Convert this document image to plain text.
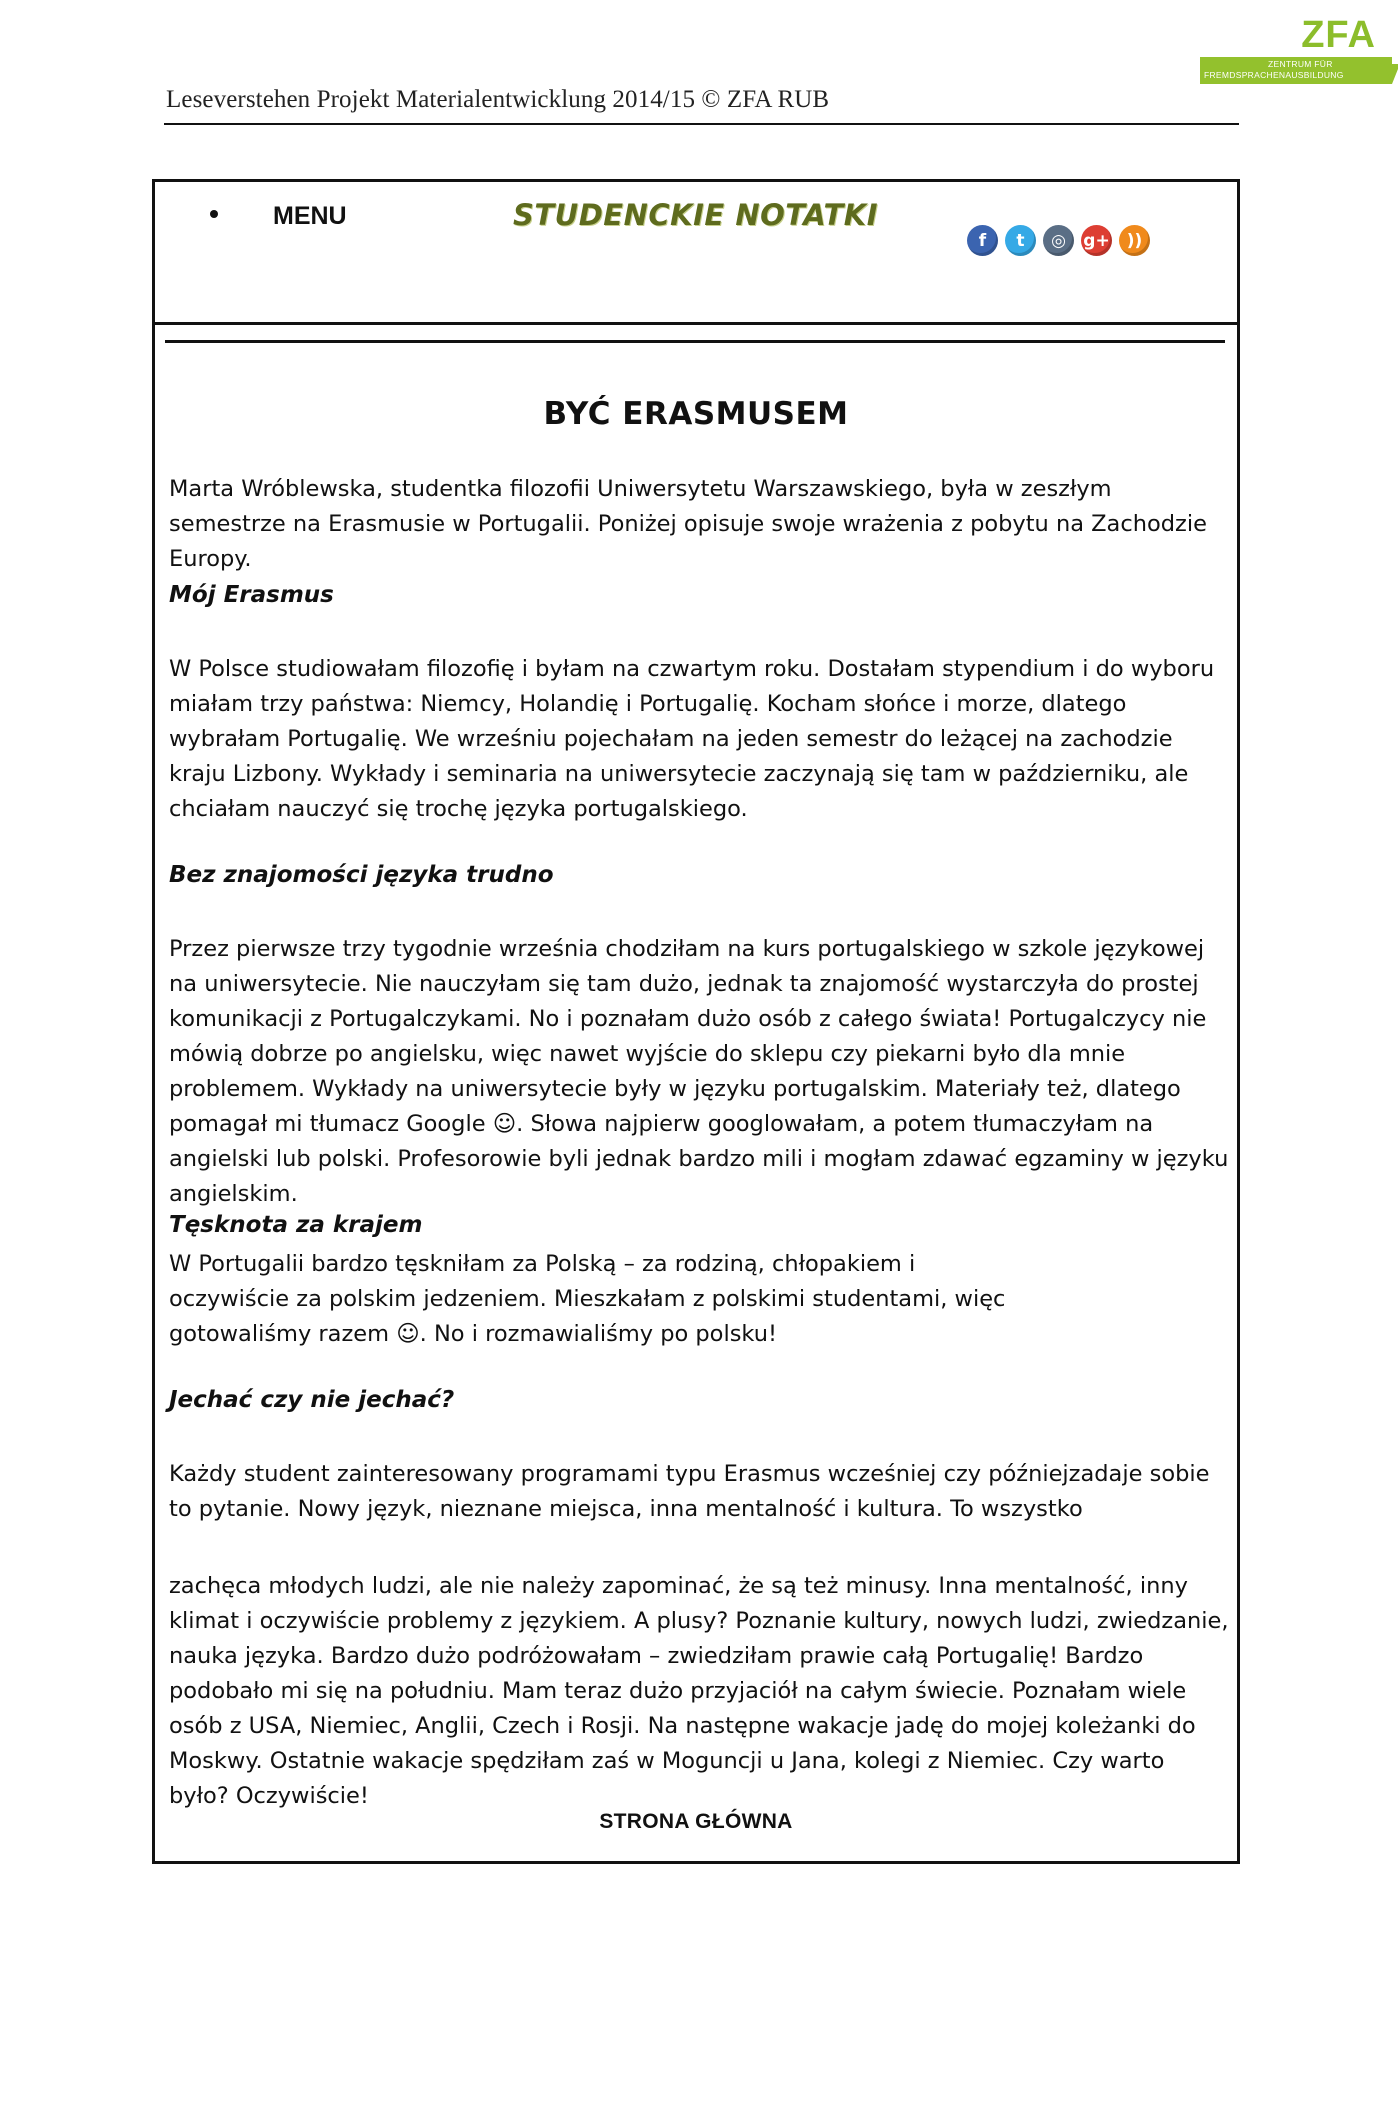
Leseverstehen Projekt Materialentwicklung 2014/15 © ZFA RUB
ZFA
ZENTRUM FÜR
FREMDSPRACHENAUSBILDUNG
MENU	STUDENCKIE NOTATKI
f	t	◎	g+	))
BYĆ ERASMUSEM

Marta Wróblewska, studentka filozofii Uniwersytetu Warszawskiego, była w zeszłym semestrze na Erasmusie w Portugalii. Poniżej opisuje swoje wrażenia z pobytu na Zachodzie Europy.

Mój Erasmus

W Polsce studiowałam filozofię i byłam na czwartym roku. Dostałam stypendium i do wyboru miałam trzy państwa: Niemcy, Holandię i Portugalię. Kocham słońce i morze, dlatego wybrałam Portugalię. We wrześniu pojechałam na jeden semestr do leżącej na zachodzie kraju Lizbony. Wykłady i seminaria na uniwersytecie zaczynają się tam w październiku, ale chciałam nauczyć się trochę języka portugalskiego.

Bez znajomości języka trudno

Przez pierwsze trzy tygodnie września chodziłam na kurs portugalskiego w szkole językowej na uniwersytecie. Nie nauczyłam się tam dużo, jednak ta znajomość wystarczyła do prostej komunikacji z Portugalczykami. No i poznałam dużo osób z całego świata! Portugalczycy nie mówią dobrze po angielsku, więc nawet wyjście do sklepu czy piekarni było dla mnie problemem. Wykłady na uniwersytecie były w języku portugalskim. Materiały też, dlatego pomagał mi tłumacz Google ☺. Słowa najpierw googlowałam, a potem tłumaczyłam na angielski lub polski. Profesorowie byli jednak bardzo mili i mogłam zdawać egzaminy w języku angielskim.

Tęsknota za krajem

W Portugalii bardzo tęskniłam za Polską – za rodziną, chłopakiem i oczywiście za polskim jedzeniem. Mieszkałam z polskimi studentami, więc gotowaliśmy razem ☺. No i rozmawialiśmy po polsku!

Jechać czy nie jechać?

Każdy student zainteresowany programami typu Erasmus wcześniej czy późniejzadaje sobie to pytanie. Nowy język, nieznane miejsca, inna mentalność i kultura. To wszystko

zachęca młodych ludzi, ale nie należy zapominać, że są też minusy. Inna mentalność, inny klimat i oczywiście problemy z językiem. A plusy? Poznanie kultury, nowych ludzi, zwiedzanie, nauka języka. Bardzo dużo podróżowałam – zwiedziłam prawie całą Portugalię! Bardzo podobało mi się na południu. Mam teraz dużo przyjaciół na całym świecie. Poznałam wiele osób z USA, Niemiec, Anglii, Czech i Rosji. Na następne wakacje jadę do mojej koleżanki do Moskwy. Ostatnie wakacje spędziłam zaś w Moguncji u Jana, kolegi z Niemiec. Czy warto było? Oczywiście!

STRONA GŁÓWNA
